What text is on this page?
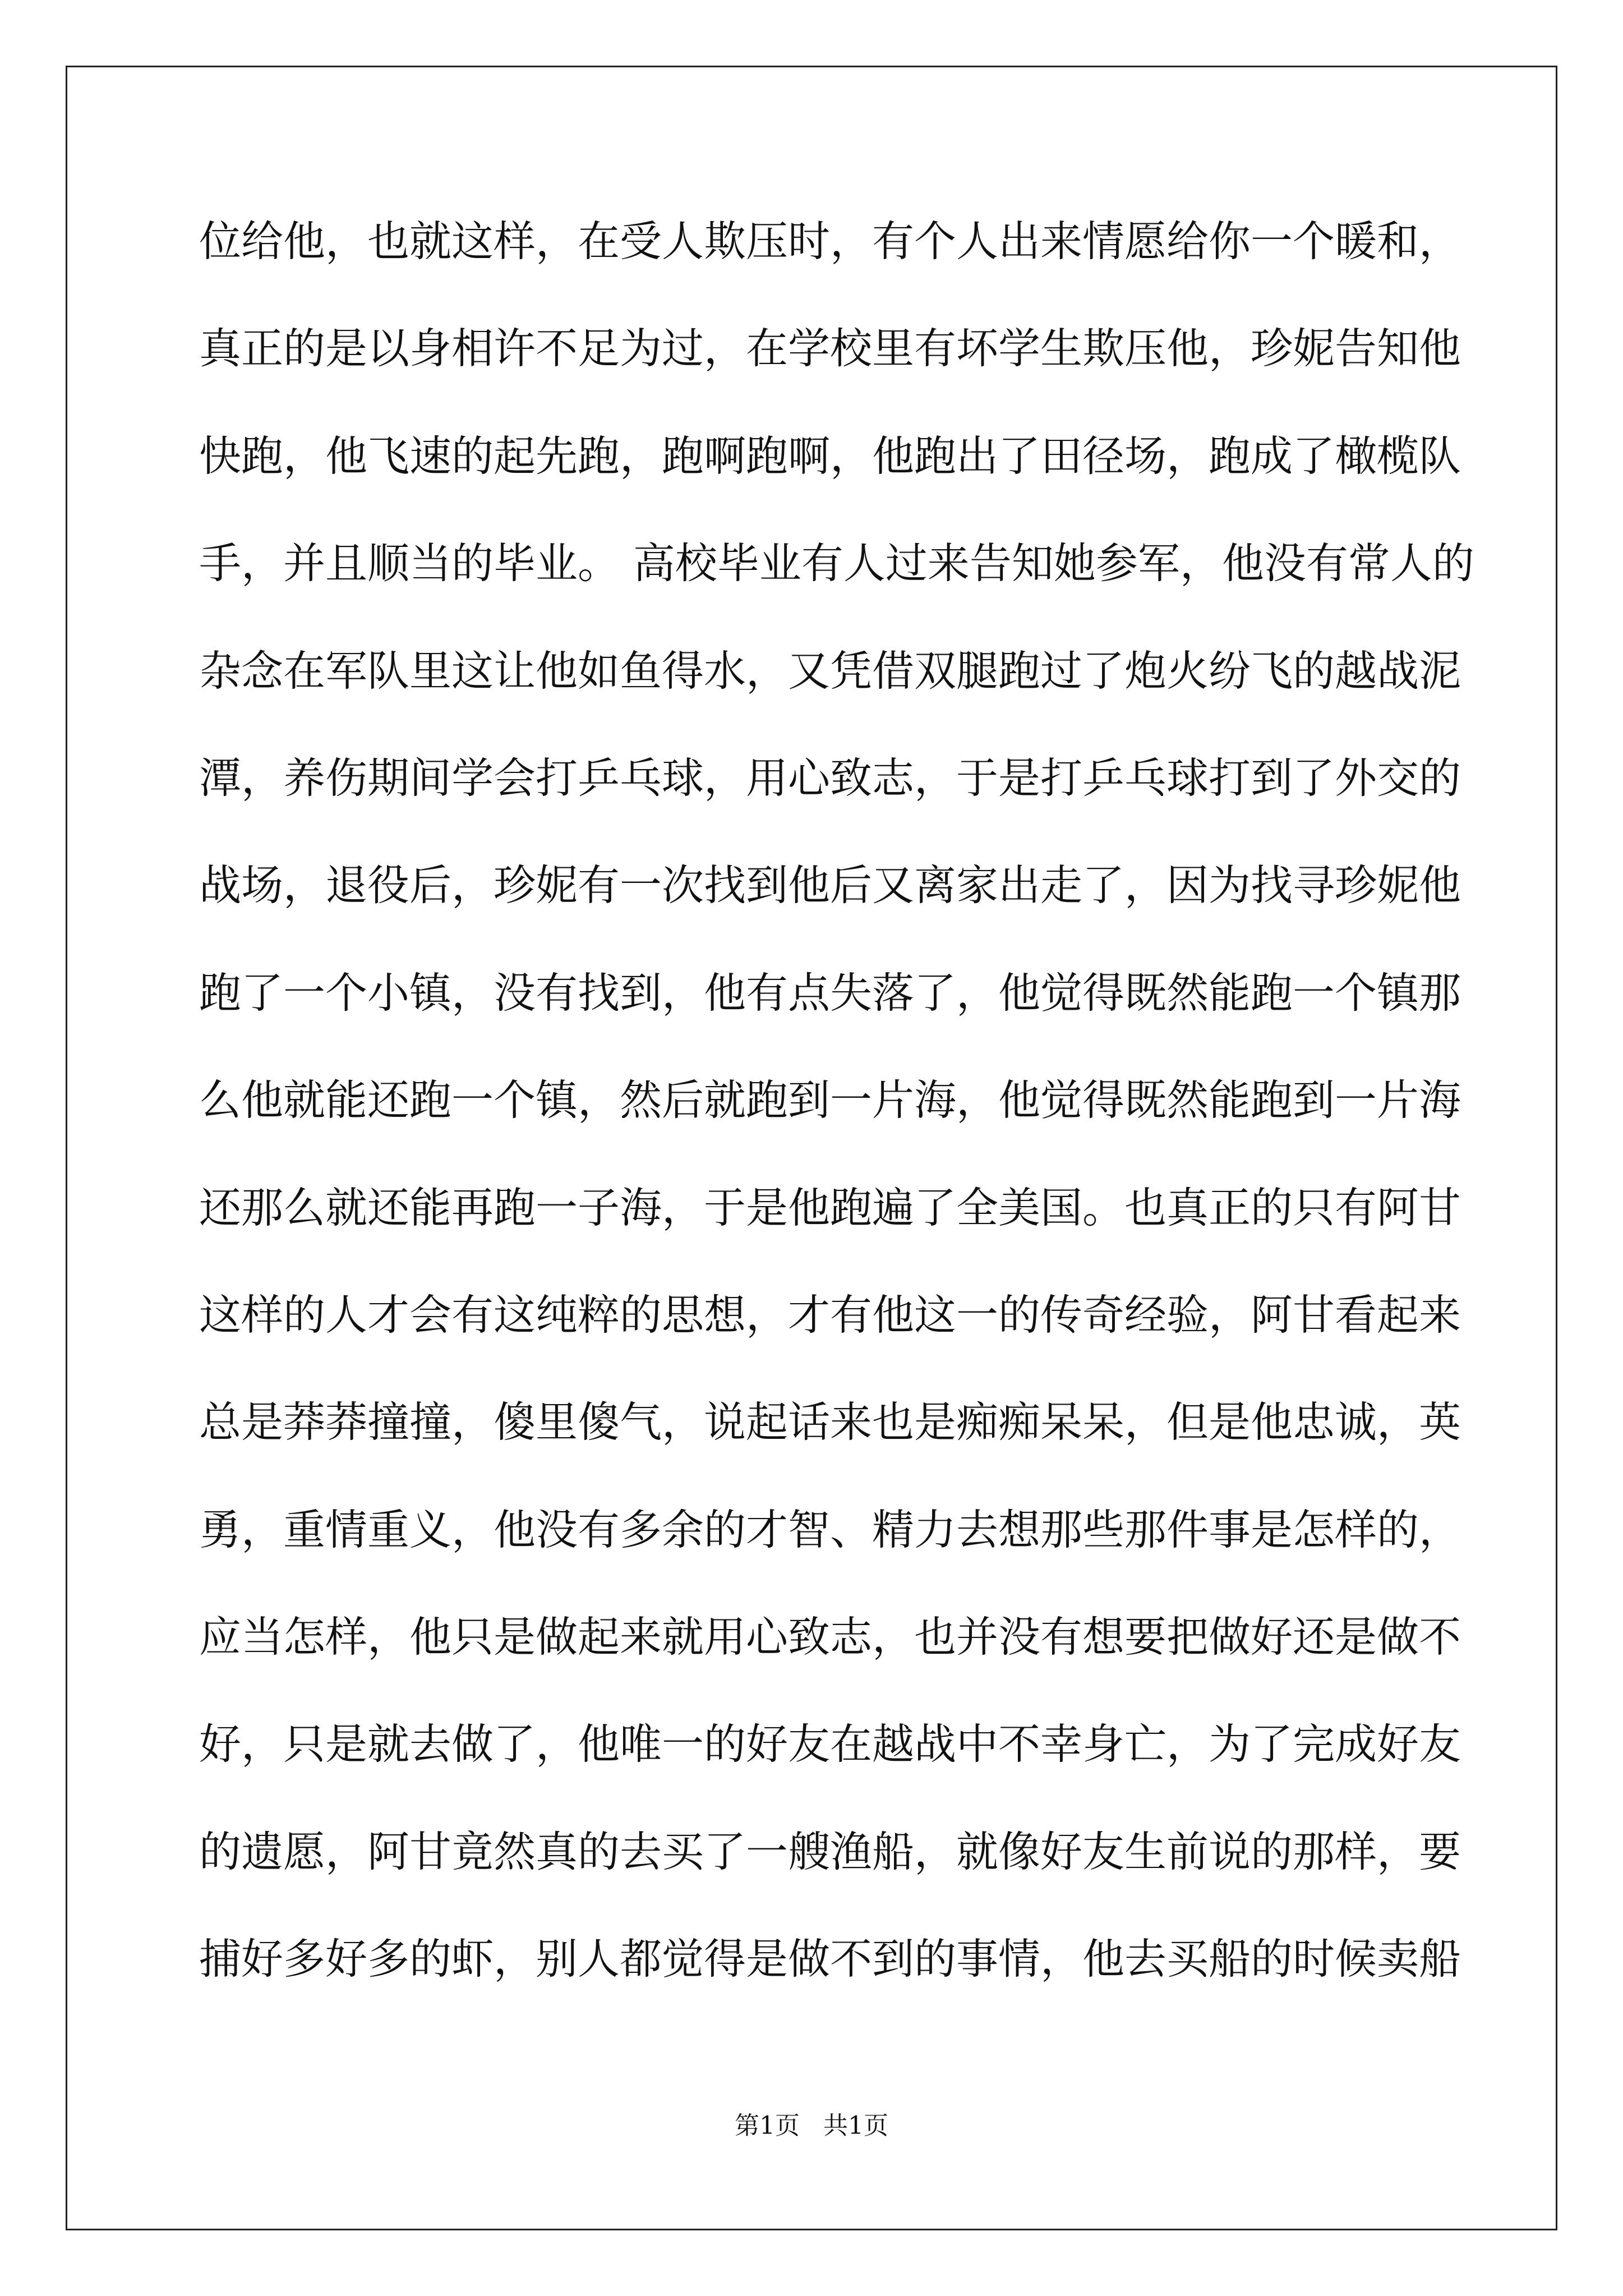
位给他，也就这样，在受人欺压时，有个人出来情愿给你一个暖和，
真正的是以身相许不足为过，在学校里有坏学生欺压他，珍妮告知他
快跑，他飞速的起先跑，跑啊跑啊，他跑出了田径场，跑成了橄榄队
手，并且顺当的毕业。 高校毕业有人过来告知她参军，他没有常人的
杂念在军队里这让他如鱼得水，又凭借双腿跑过了炮火纷飞的越战泥
潭，养伤期间学会打乒乓球，用心致志，于是打乒乓球打到了外交的
战场，退役后，珍妮有一次找到他后又离家出走了，因为找寻珍妮他
跑了一个小镇，没有找到，他有点失落了，他觉得既然能跑一个镇那
么他就能还跑一个镇，然后就跑到一片海，他觉得既然能跑到一片海
还那么就还能再跑一子海，于是他跑遍了全美国。也真正的只有阿甘
这样的人才会有这纯粹的思想，才有他这一的传奇经验，阿甘看起来
总是莽莽撞撞，傻里傻气，说起话来也是痴痴呆呆，但是他忠诚，英
勇，重情重义，他没有多余的才智、精力去想那些那件事是怎样的，
应当怎样，他只是做起来就用心致志，也并没有想要把做好还是做不
好，只是就去做了，他唯一的好友在越战中不幸身亡，为了完成好友
的遗愿，阿甘竟然真的去买了一艘渔船，就像好友生前说的那样，要
捕好多好多的虾，别人都觉得是做不到的事情，他去买船的时候卖船
第1页   共1页
